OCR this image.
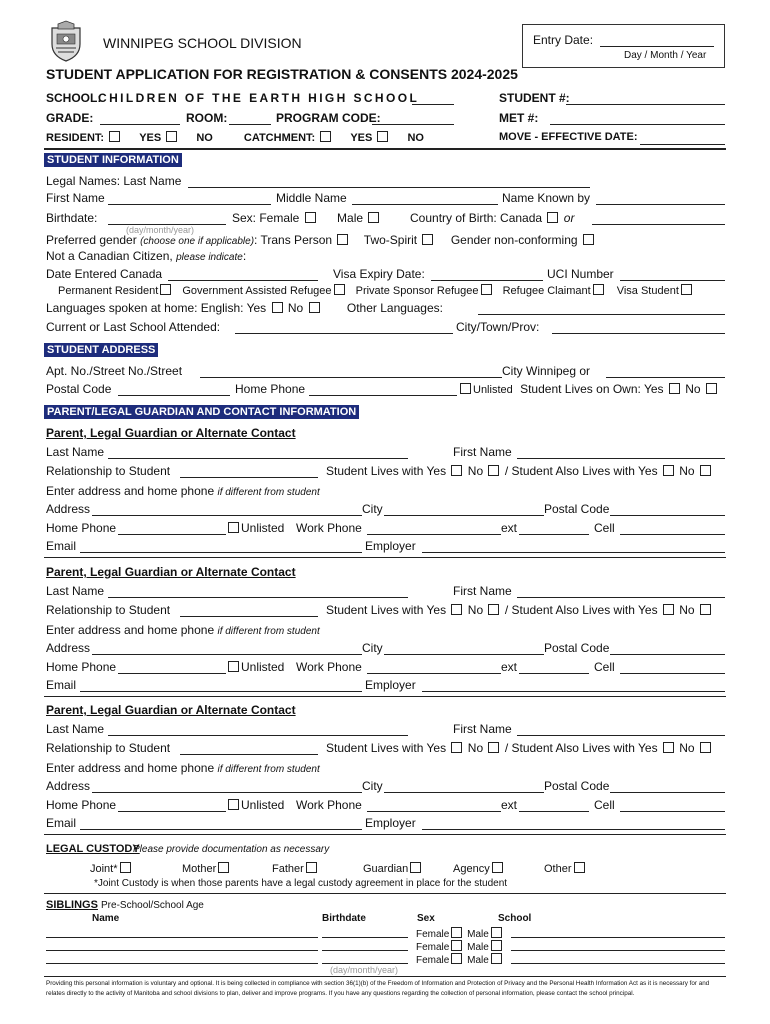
WINNIPEG SCHOOL DIVISION	Entry Date:
Day / Month / Year
STUDENT APPLICATION FOR REGISTRATION & CONSENTS 2024-2025
SCHOOL:
CHILDREN OF THE EARTH HIGH SCHOOL
GRADE:	ROOM:	PROGRAM CODE:
RESIDENT:	YES	NO	CATCHMENT:	YES	NO
STUDENT #:
MET #:
MOVE - EFFECTIVE DATE:
STUDENT INFORMATION
Legal Names: Last Name
First Name	Middle Name	Name Known by
Birthdate:
(day/month/year)
Sex: Female	Male	Country of Birth: Canada or
Preferred gender (choose one if applicable): Trans Person	Two-Spirit	Gender non-conforming
Not a Canadian Citizen, please indicate:
Date Entered Canada	Visa Expiry Date:	UCI Number
Permanent Resident Government Assisted Refugee Private Sponsor Refugee Refugee Claimant Visa Student
Languages spoken at home: English: Yes No	Other Languages:
Current or Last School Attended:	City/Town/Prov:
STUDENT ADDRESS
Apt. No./Street No./Street	City Winnipeg or
Postal Code	Home Phone	Unlisted Student Lives on Own: Yes No
PARENT/LEGAL GUARDIAN AND CONTACT INFORMATION
Parent, Legal Guardian or Alternate Contact
Last Name	First Name
Relationship to Student	Student Lives with Yes No / Student Also Lives with Yes No
Enter address and home phone if different from student
Address	City	Postal Code
Home Phone	Unlisted Work Phone	ext	Cell
Email	Employer
Parent, Legal Guardian or Alternate Contact
Last Name	First Name
Relationship to Student	Student Lives with Yes No / Student Also Lives with Yes No
Enter address and home phone if different from student
Address	City	Postal Code
Home Phone	Unlisted Work Phone	ext	Cell
Email	Employer
Parent, Legal Guardian or Alternate Contact
Last Name	First Name
Relationship to Student	Student Lives with Yes No / Student Also Lives with Yes No
Enter address and home phone if different from student
Address	City	Postal Code
Home Phone	Unlisted Work Phone	ext	Cell
Email	Employer
LEGAL CUSTODY
Please provide documentation as necessary
Joint*	Mother	Father	Guardian	Agency	Other
*Joint Custody is when those parents have a legal custody agreement in place for the student
SIBLINGS Pre-School/School Age
Name	Birthdate	Sex	School
Female Male
Female Male
Female Male
(day/month/year)
Providing this personal information is voluntary and optional. It is being collected in compliance with section 36(1)(b) of the Freedom of Information and Protection of Privacy and the Personal Health Information Act as it is necessary for and
relates directly to the activity of Manitoba and school divisions to plan, deliver and improve programs. If you have any questions regarding the collection of personal information, please contact the school principal.
